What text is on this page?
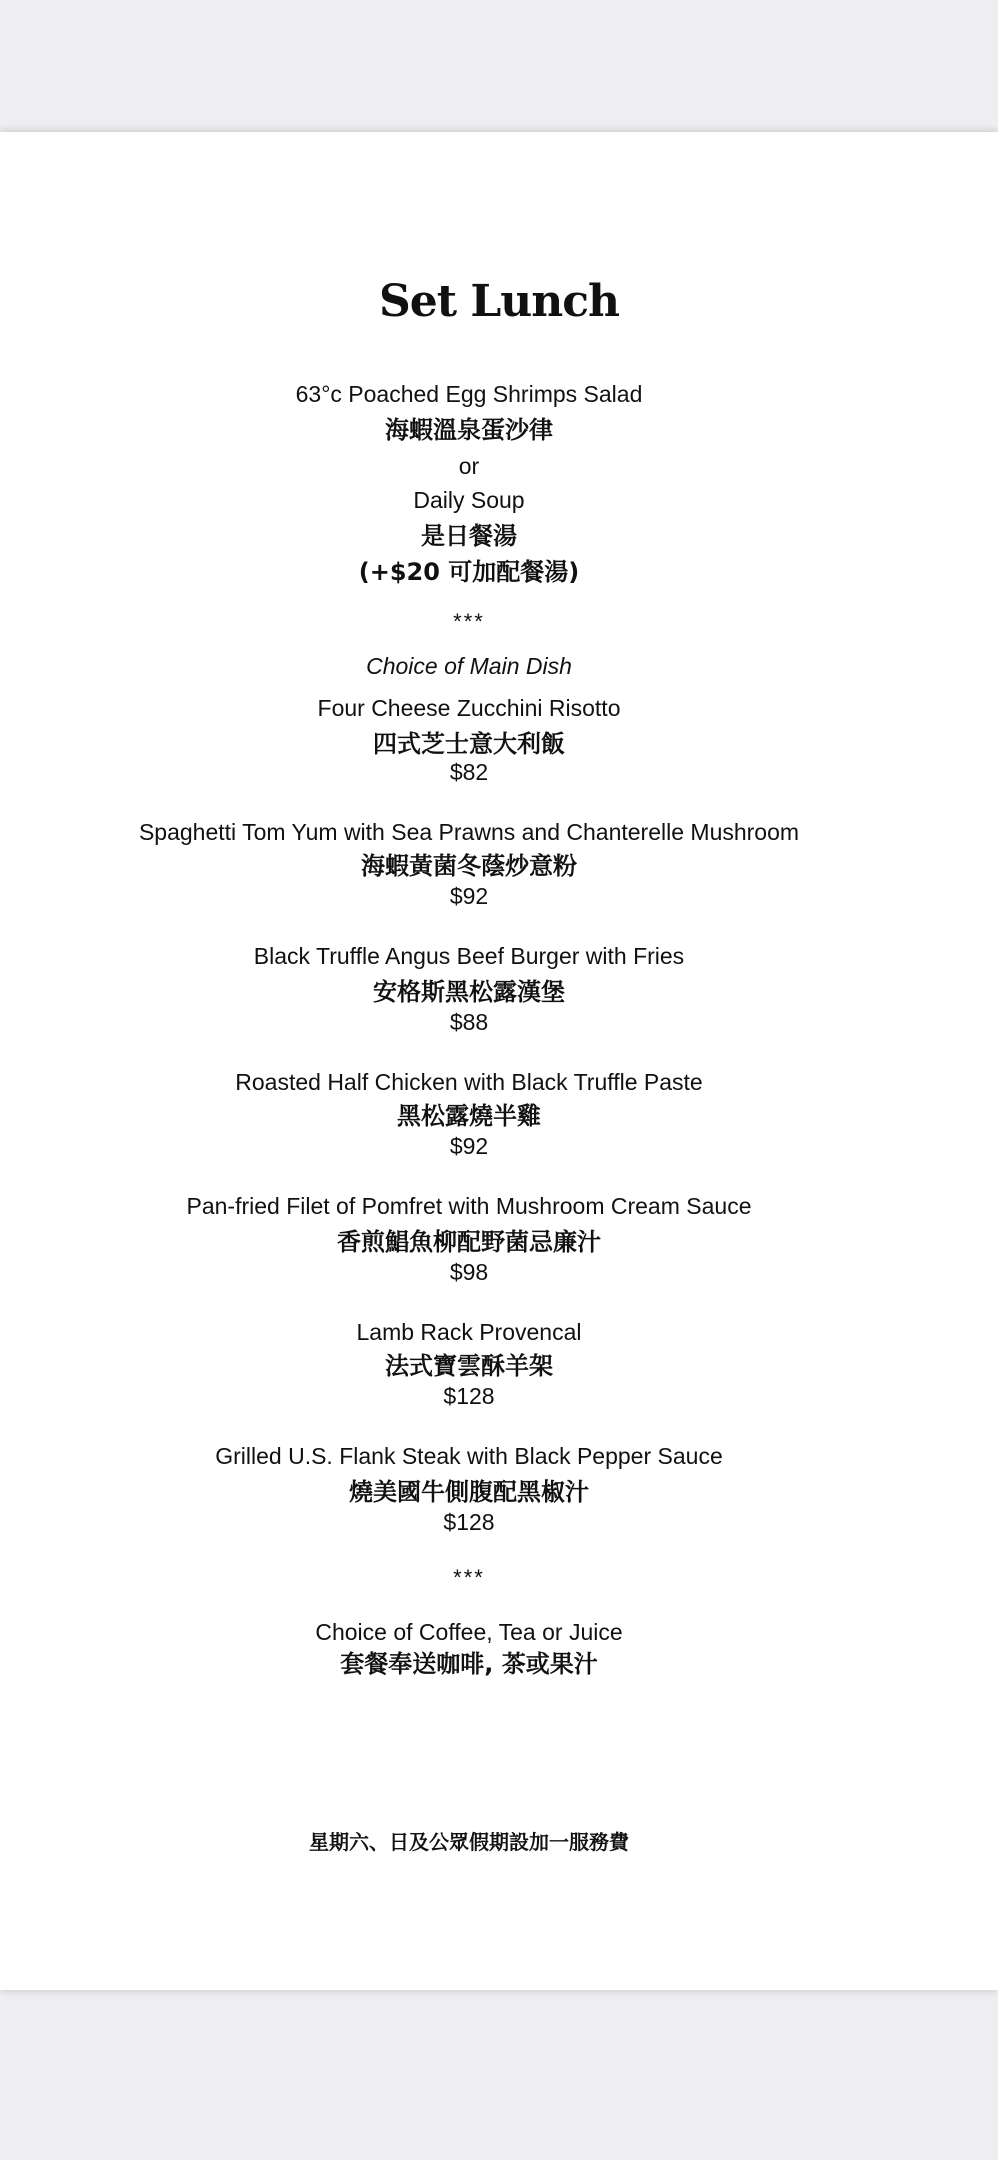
Set Lunch
63°c Poached Egg Shrimps Salad
海蝦溫泉蛋沙律
or
Daily Soup
是日餐湯
(+$20 可加配餐湯)
***
Choice of Main Dish
Four Cheese Zucchini Risotto
四式芝士意大利飯
$82
Spaghetti Tom Yum with Sea Prawns and Chanterelle Mushroom
海蝦黃菌冬蔭炒意粉
$92
Black Truffle Angus Beef Burger with Fries
安格斯黑松露漢堡
$88
Roasted Half Chicken with Black Truffle Paste
黑松露燒半雞
$92
Pan-fried Filet of Pomfret with Mushroom Cream Sauce
香煎鯧魚柳配野菌忌廉汁
$98
Lamb Rack Provencal
法式寶雲酥羊架
$128
Grilled U.S. Flank Steak with Black Pepper Sauce
燒美國牛側腹配黑椒汁
$128
***
Choice of Coffee, Tea or Juice
套餐奉送咖啡, 茶或果汁
星期六、日及公眾假期設加一服務費
